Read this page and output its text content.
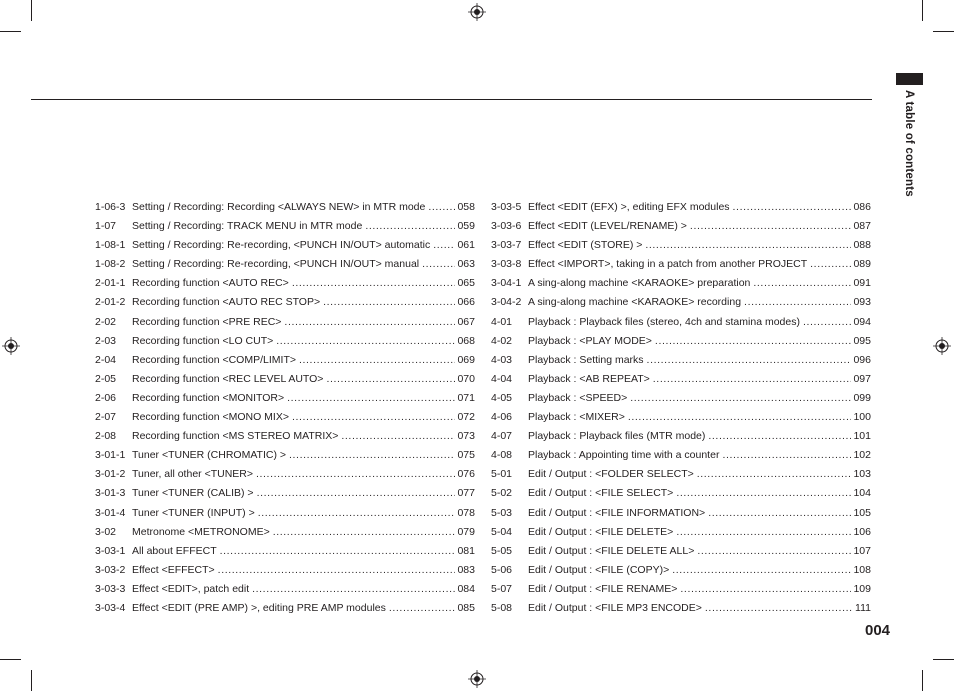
A table of contents
1-06-3 Setting / Recording: Recording <ALWAYS NEW> in MTR mode .....	058
1-07	Setting / Recording: TRACK MENU in MTR mode .....	059
1-08-1 Setting / Recording: Re-recording, <PUNCH IN/OUT> automatic .....	061
1-08-2 Setting / Recording: Re-recording, <PUNCH IN/OUT> manual .....	063
2-01-1 Recording function <AUTO REC> .....	065
2-01-2 Recording function <AUTO REC STOP> .....	066
2-02	Recording function <PRE REC> .....	067
2-03	Recording function <LO CUT> .....	068
2-04	Recording function <COMP/LIMIT> .....	069
2-05	Recording function <REC LEVEL AUTO> .....	070
2-06	Recording function <MONITOR> .....	071
2-07	Recording function <MONO MIX> .....	072
2-08	Recording function <MS STEREO MATRIX> .....	073
3-01-1 Tuner <TUNER (CHROMATIC) > .....	075
3-01-2 Tuner, all other <TUNER> .....	076
3-01-3 Tuner <TUNER (CALIB) > .....	077
3-01-4 Tuner <TUNER (INPUT) > .....	078
3-02	Metronome <METRONOME> .....	079
3-03-1 All about EFFECT .....	081
3-03-2 Effect <EFFECT> .....	083
3-03-3 Effect <EDIT>, patch edit .....	084
3-03-4 Effect <EDIT (PRE AMP) >, editing PRE AMP modules .....	085
3-03-5 Effect <EDIT (EFX) >, editing EFX modules .....	086
3-03-6 Effect <EDIT (LEVEL/RENAME) > .....	087
3-03-7 Effect <EDIT (STORE) > .....	088
3-03-8 Effect <IMPORT>, taking in a patch from another PROJECT .....	089
3-04-1 A sing-along machine <KARAOKE> preparation .....	091
3-04-2 A sing-along machine <KARAOKE> recording .....	093
4-01	Playback : Playback files (stereo, 4ch and stamina modes) .....	094
4-02	Playback : <PLAY MODE> .....	095
4-03	Playback : Setting marks .....	096
4-04	Playback : <AB REPEAT> .....	097
4-05	Playback : <SPEED> .....	099
4-06	Playback : <MIXER> .....	100
4-07	Playback : Playback files (MTR mode) .....	101
4-08	Playback : Appointing time with a counter .....	102
5-01	Edit / Output : <FOLDER SELECT> .....	103
5-02	Edit / Output : <FILE SELECT> .....	104
5-03	Edit / Output : <FILE INFORMATION> .....	105
5-04	Edit / Output : <FILE DELETE> .....	106
5-05	Edit / Output : <FILE DELETE ALL> .....	107
5-06	Edit / Output : <FILE (COPY)> .....	108
5-07	Edit / Output : <FILE RENAME> .....	109
5-08	Edit / Output : <FILE MP3 ENCODE> .....	111
004
